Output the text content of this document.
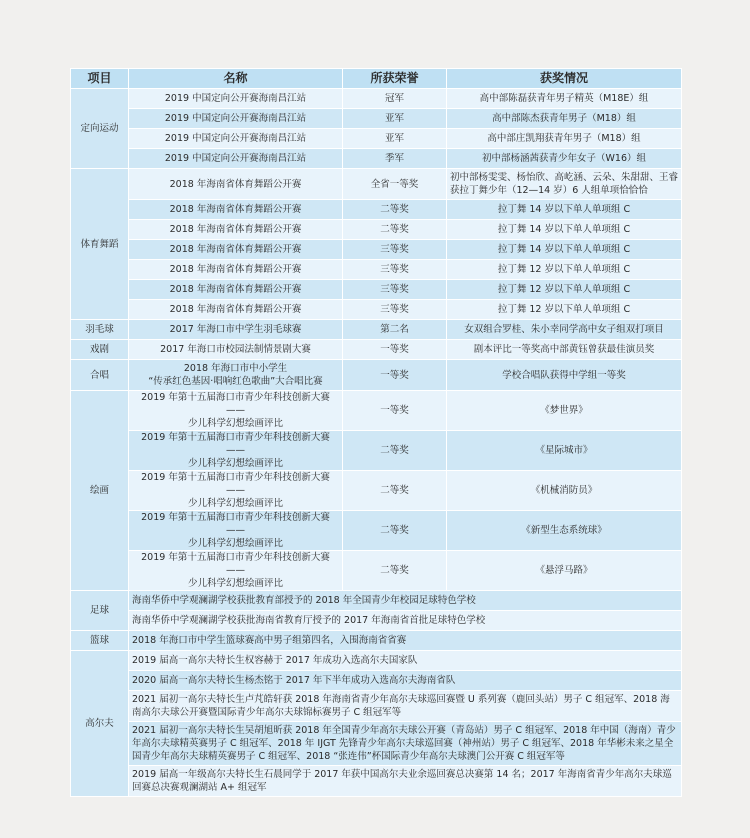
项目	名称	所获荣誉	获奖情况
定向运动	2019 中国定向公开赛海南昌江站	冠军	高中部陈磊获青年男子精英（M18E）组
	2019 中国定向公开赛海南昌江站	亚军	高中部陈杰获青年男子（M18）组
	2019 中国定向公开赛海南昌江站	亚军	高中部庄凯翔获青年男子（M18）组
	2019 中国定向公开赛海南昌江站	季军	初中部杨涵茜获青少年女子（W16）组
体育舞蹈	2018 年海南省体育舞蹈公开赛	全省一等奖	初中部杨雯雯、杨怡欣、高屹涵、云朵、朱甜甜、王睿获拉丁舞少年（12—14 岁）6 人组单项恰恰恰
	2018 年海南省体育舞蹈公开赛	二等奖	拉丁舞 14 岁以下单人单项组 C
	2018 年海南省体育舞蹈公开赛	二等奖	拉丁舞 14 岁以下单人单项组 C
	2018 年海南省体育舞蹈公开赛	三等奖	拉丁舞 14 岁以下单人单项组 C
	2018 年海南省体育舞蹈公开赛	三等奖	拉丁舞 12 岁以下单人单项组 C
	2018 年海南省体育舞蹈公开赛	三等奖	拉丁舞 12 岁以下单人单项组 C
	2018 年海南省体育舞蹈公开赛	三等奖	拉丁舞 12 岁以下单人单项组 C
羽毛球	2017 年海口市中学生羽毛球赛	第二名	女双组合罗桂、朱小幸同学高中女子组双打项目
戏剧	2017 年海口市校园法制情景剧大赛	一等奖	剧本评比一等奖高中部黄钰曾获最佳演员奖
合唱	2018 年海口市中小学生
“传承红色基因·唱响红色歌曲”大合唱比赛	一等奖	学校合唱队获得中学组一等奖
绘画	2019 年第十五届海口市青少年科技创新大赛——
少儿科学幻想绘画评比	一等奖	《梦世界》

	2019 年第十五届海口市青少年科技创新大赛——
少儿科学幻想绘画评比	二等奖	《星际城市》

	2019 年第十五届海口市青少年科技创新大赛——
少儿科学幻想绘画评比	二等奖	《机械消防员》

	2019 年第十五届海口市青少年科技创新大赛——
少儿科学幻想绘画评比	二等奖	《新型生态系统球》

	2019 年第十五届海口市青少年科技创新大赛——
少儿科学幻想绘画评比	二等奖	《悬浮马路》
足球	海南华侨中学观澜湖学校获批教育部授予的 2018 年全国青少年校园足球特色学校		
	海南华侨中学观澜湖学校获批海南省教育厅授予的 2017 年海南省首批足球特色学校		
篮球	2018 年海口市中学生篮球赛高中男子组第四名，入围海南省省赛		
高尔夫	2019 届高一高尔夫特长生权容赫于 2017 年成功入选高尔夫国家队		
	2020 届高一高尔夫特长生杨杰铭于 2017 年下半年成功入选高尔夫海南省队		
	2021 届初一高尔夫特长生卢芃皓轩获 2018 年海南省青少年高尔夫球巡回赛暨 U 系列赛（鹿回头站）男子 C 组冠军、2018 海南高尔夫球公开赛暨国际青少年高尔夫球锦标赛男子 C 组冠军等		
	2021 届初一高尔夫特长生吴胡旭昕获 2018 年全国青少年高尔夫球公开赛（青岛站）男子 C 组冠军、2018 年中国（海南）青少年高尔夫球精英赛男子 C 组冠军、2018 年 IJGT 先锋青少年高尔夫球巡回赛（神州站）男子 C 组冠军、2018 年华彬未来之星全国青少年高尔夫球精英赛男子 C 组冠军、2018 “张连伟”杯国际青少年高尔夫球澳门公开赛 C 组冠军等		
	2019 届高一年级高尔夫特长生石晨同学于 2017 年获中国高尔夫业余巡回赛总决赛第 14 名；2017 年海南省青少年高尔夫球巡回赛总决赛观澜湖站 A+ 组冠军		
